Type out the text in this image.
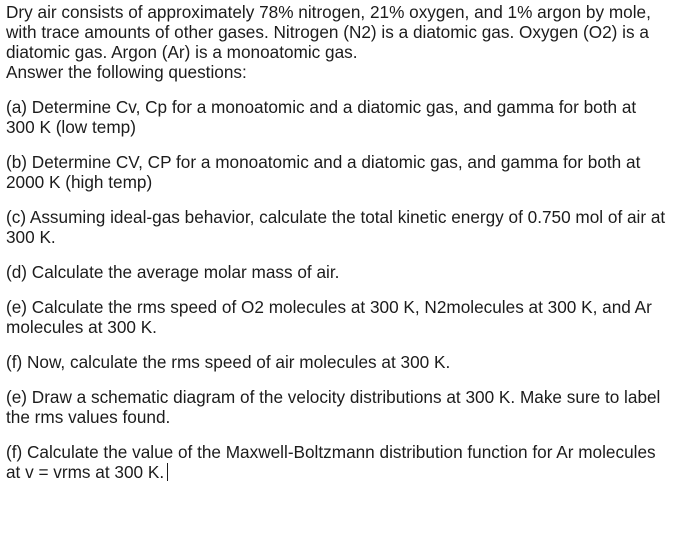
Dry air consists of approximately 78% nitrogen, 21% oxygen, and 1% argon by mole,
with trace amounts of other gases. Nitrogen (N2) is a diatomic gas. Oxygen (O2) is a
diatomic gas. Argon (Ar) is a monoatomic gas.
Answer the following questions:

(a) Determine Cv, Cp for a monoatomic and a diatomic gas, and gamma for both at
300 K (low temp)

(b) Determine CV, CP for a monoatomic and a diatomic gas, and gamma for both at
2000 K (high temp)

(c) Assuming ideal-gas behavior, calculate the total kinetic energy of 0.750 mol of air at
300 K.

(d) Calculate the average molar mass of air.

(e) Calculate the rms speed of O2 molecules at 300 K, N2molecules at 300 K, and Ar
molecules at 300 K.

(f) Now, calculate the rms speed of air molecules at 300 K.

(e) Draw a schematic diagram of the velocity distributions at 300 K. Make sure to label
the rms values found.

(f) Calculate the value of the Maxwell-Boltzmann distribution function for Ar molecules
at v = vrms at 300 K.
